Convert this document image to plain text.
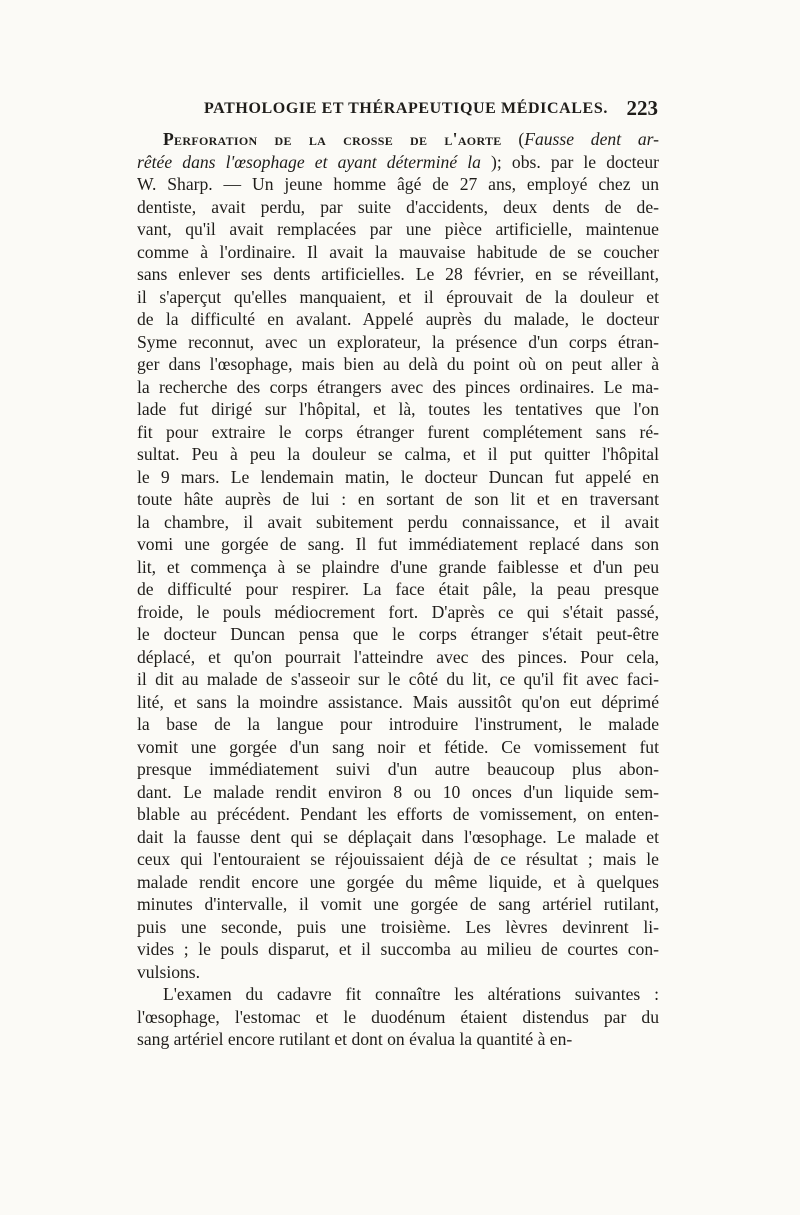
PATHOLOGIE ET THÉRAPEUTIQUE MÉDICALES. 223
Perforation de la crosse de l'aorte (Fausse dent ar-
rêtée dans l'œsophage et ayant déterminé la ); obs. par le docteur
W. Sharp. — Un jeune homme âgé de 27 ans, employé chez un
dentiste, avait perdu, par suite d'accidents, deux dents de de-
vant, qu'il avait remplacées par une pièce artificielle, maintenue
comme à l'ordinaire. Il avait la mauvaise habitude de se coucher
sans enlever ses dents artificielles. Le 28 février, en se réveillant,
il s'aperçut qu'elles manquaient, et il éprouvait de la douleur et
de la difficulté en avalant. Appelé auprès du malade, le docteur
Syme reconnut, avec un explorateur, la présence d'un corps étran-
ger dans l'œsophage, mais bien au delà du point où on peut aller à
la recherche des corps étrangers avec des pinces ordinaires. Le ma-
lade fut dirigé sur l'hôpital, et là, toutes les tentatives que l'on
fit pour extraire le corps étranger furent complétement sans ré-
sultat. Peu à peu la douleur se calma, et il put quitter l'hôpital
le 9 mars. Le lendemain matin, le docteur Duncan fut appelé en
toute hâte auprès de lui : en sortant de son lit et en traversant
la chambre, il avait subitement perdu connaissance, et il avait
vomi une gorgée de sang. Il fut immédiatement replacé dans son
lit, et commença à se plaindre d'une grande faiblesse et d'un peu
de difficulté pour respirer. La face était pâle, la peau presque
froide, le pouls médiocrement fort. D'après ce qui s'était passé,
le docteur Duncan pensa que le corps étranger s'était peut-être
déplacé, et qu'on pourrait l'atteindre avec des pinces. Pour cela,
il dit au malade de s'asseoir sur le côté du lit, ce qu'il fit avec faci-
lité, et sans la moindre assistance. Mais aussitôt qu'on eut déprimé
la base de la langue pour introduire l'instrument, le malade
vomit une gorgée d'un sang noir et fétide. Ce vomissement fut
presque immédiatement suivi d'un autre beaucoup plus abon-
dant. Le malade rendit environ 8 ou 10 onces d'un liquide sem-
blable au précédent. Pendant les efforts de vomissement, on enten-
dait la fausse dent qui se déplaçait dans l'œsophage. Le malade et
ceux qui l'entouraient se réjouissaient déjà de ce résultat ; mais le
malade rendit encore une gorgée du même liquide, et à quelques
minutes d'intervalle, il vomit une gorgée de sang artériel rutilant,
puis une seconde, puis une troisième. Les lèvres devinrent li-
vides ; le pouls disparut, et il succomba au milieu de courtes con-
vulsions.
L'examen du cadavre fit connaître les altérations suivantes :
l'œsophage, l'estomac et le duodénum étaient distendus par du
sang artériel encore rutilant et dont on évalua la quantité à en-
